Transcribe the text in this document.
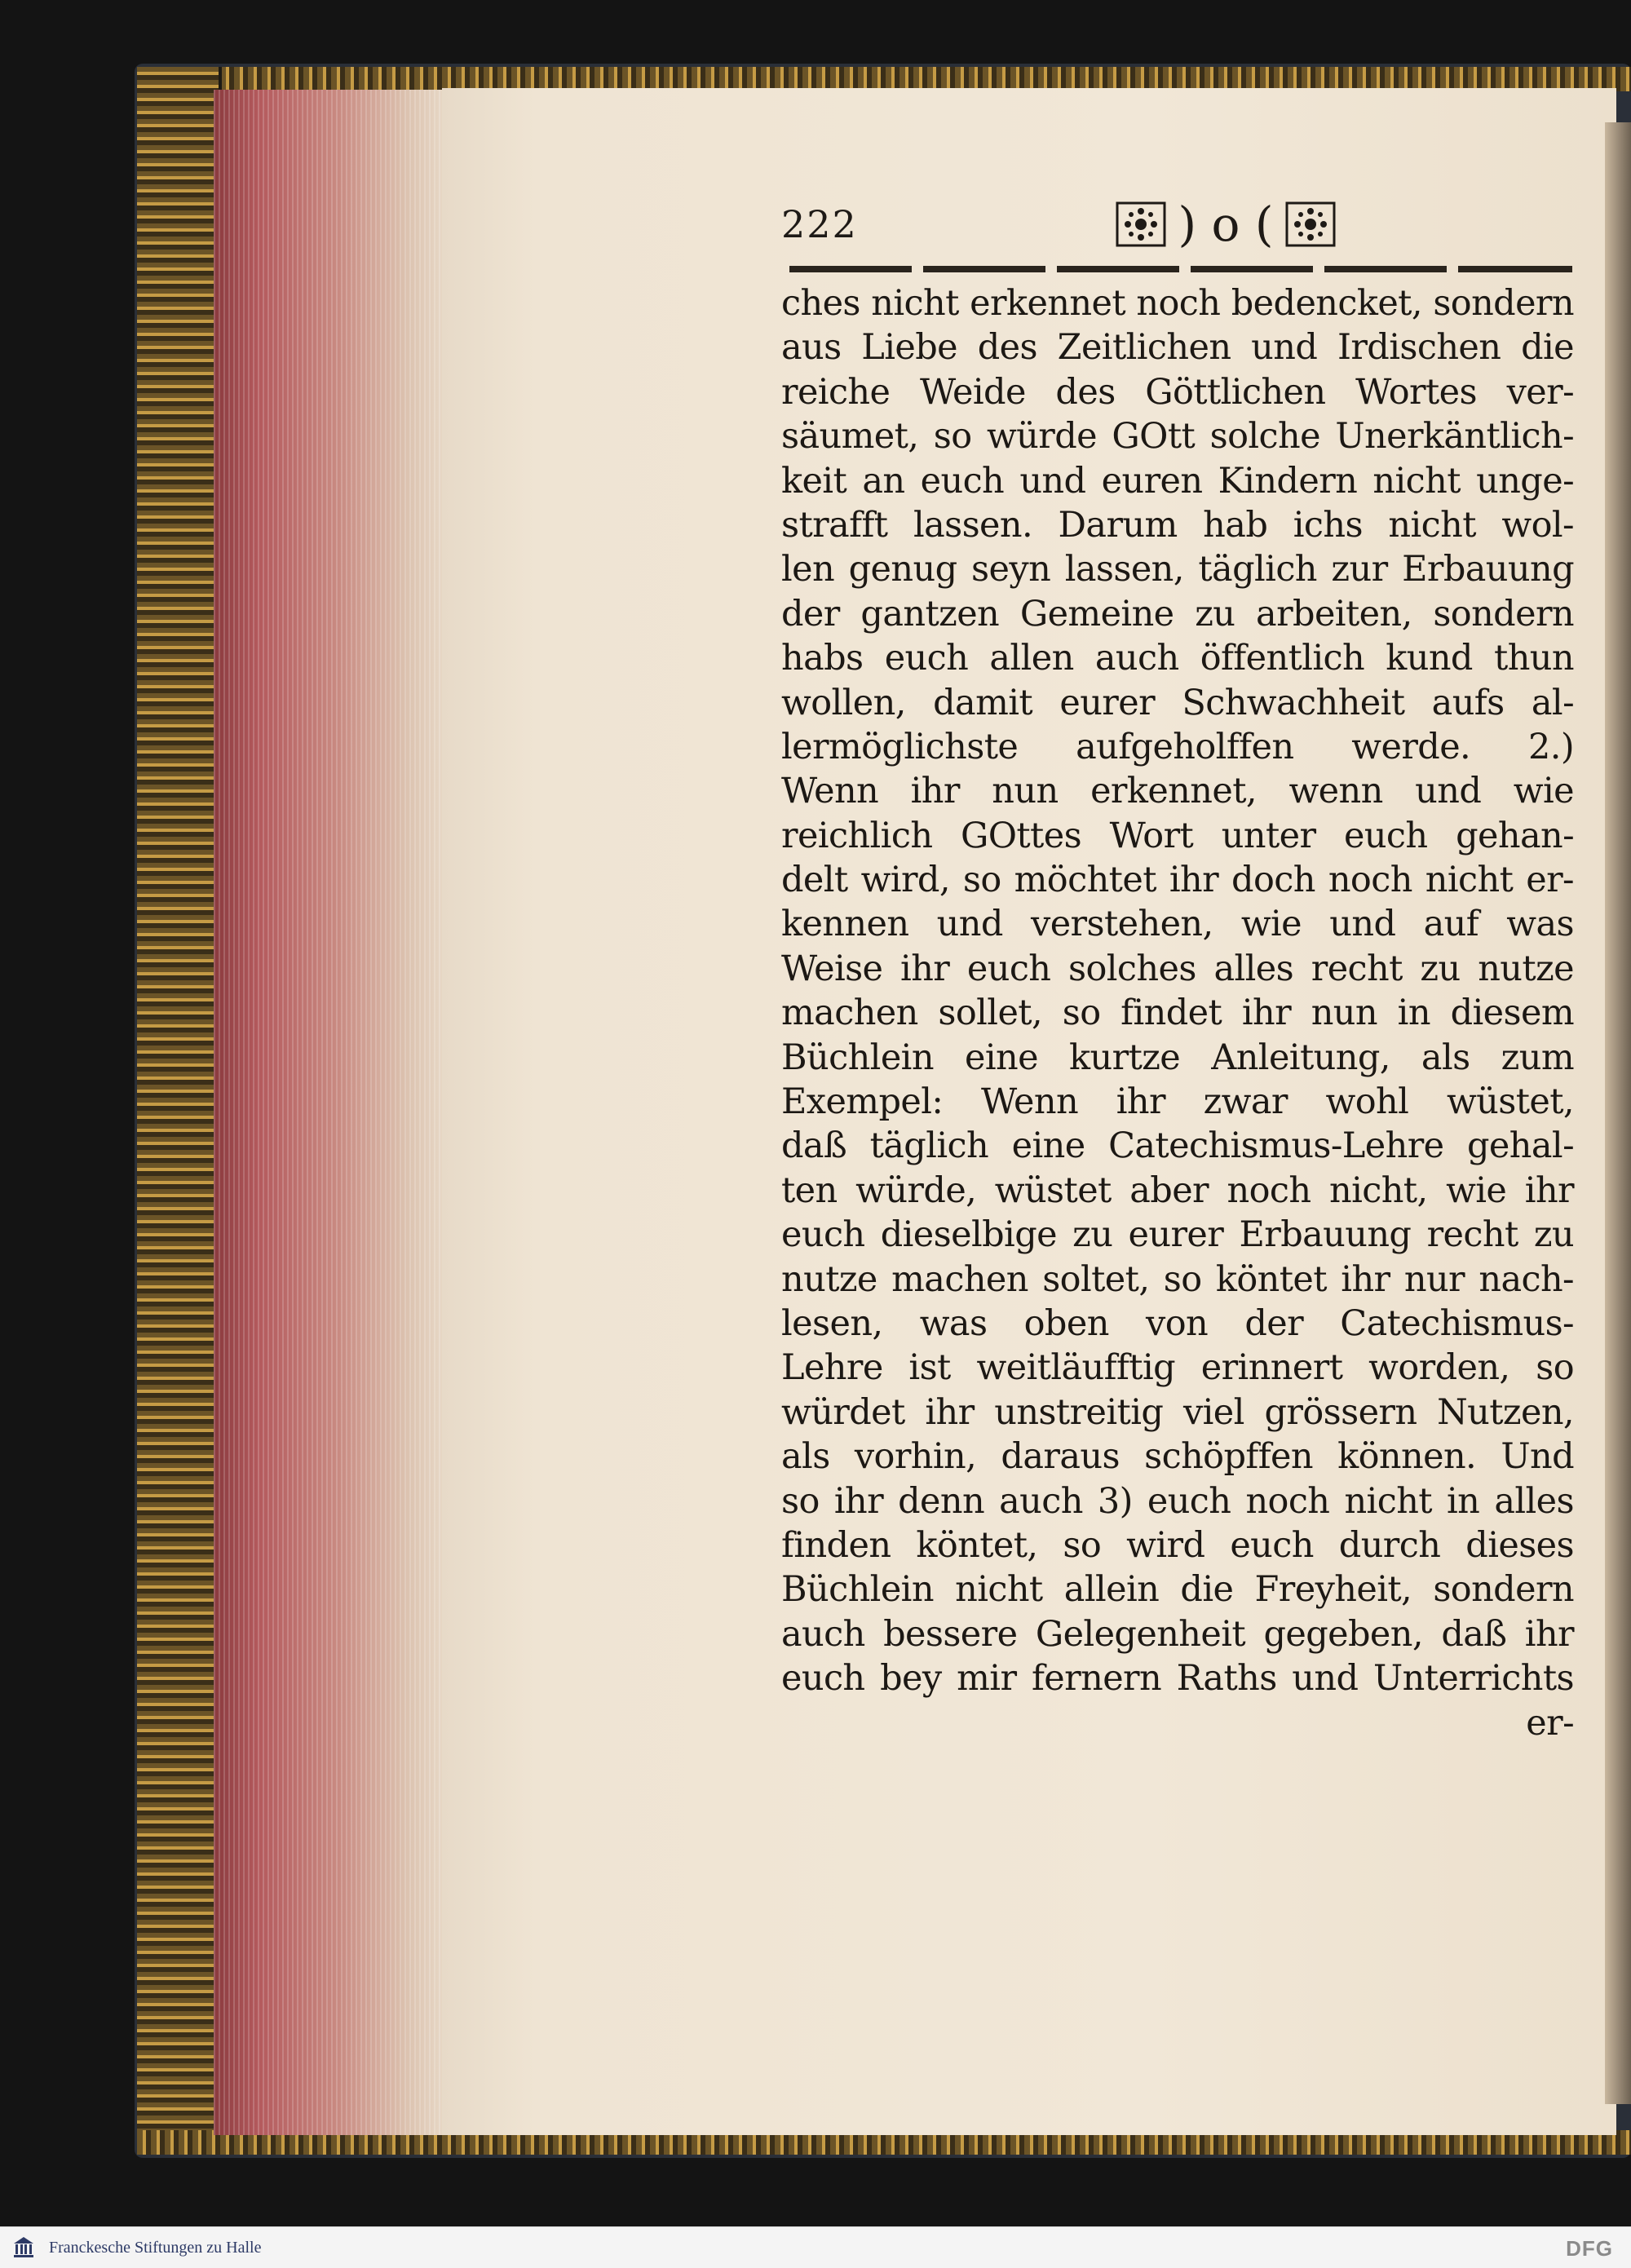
222	) o (
ches nicht erkennet noch bedencket, sondern
aus Liebe des Zeitlichen und Irdischen die
reiche Weide des Göttlichen Wortes ver-
säumet, so würde GOtt solche Unerkäntlich-
keit an euch und euren Kindern nicht unge-
strafft lassen. Darum hab ichs nicht wol-
len genug seyn lassen, täglich zur Erbauung
der gantzen Gemeine zu arbeiten, sondern
habs euch allen auch öffentlich kund thun
wollen, damit eurer Schwachheit aufs al-
lermöglichste aufgeholffen werde. 2.)
Wenn ihr nun erkennet, wenn und wie
reichlich GOttes Wort unter euch gehan-
delt wird, so möchtet ihr doch noch nicht er-
kennen und verstehen, wie und auf was
Weise ihr euch solches alles recht zu nutze
machen sollet, so findet ihr nun in diesem
Büchlein eine kurtze Anleitung, als zum
Exempel: Wenn ihr zwar wohl wüstet,
daß täglich eine Catechismus-Lehre gehal-
ten würde, wüstet aber noch nicht, wie ihr
euch dieselbige zu eurer Erbauung recht zu
nutze machen soltet, so köntet ihr nur nach-
lesen, was oben von der Catechismus-
Lehre ist weitläufftig erinnert worden, so
würdet ihr unstreitig viel grössern Nutzen,
als vorhin, daraus schöpffen können. Und
so ihr denn auch 3) euch noch nicht in alles
finden köntet, so wird euch durch dieses
Büchlein nicht allein die Freyheit, sondern
auch bessere Gelegenheit gegeben, daß ihr
euch bey mir fernern Raths und Unterrichts
er-
Franckesche Stiftungen zu Halle	DFG
